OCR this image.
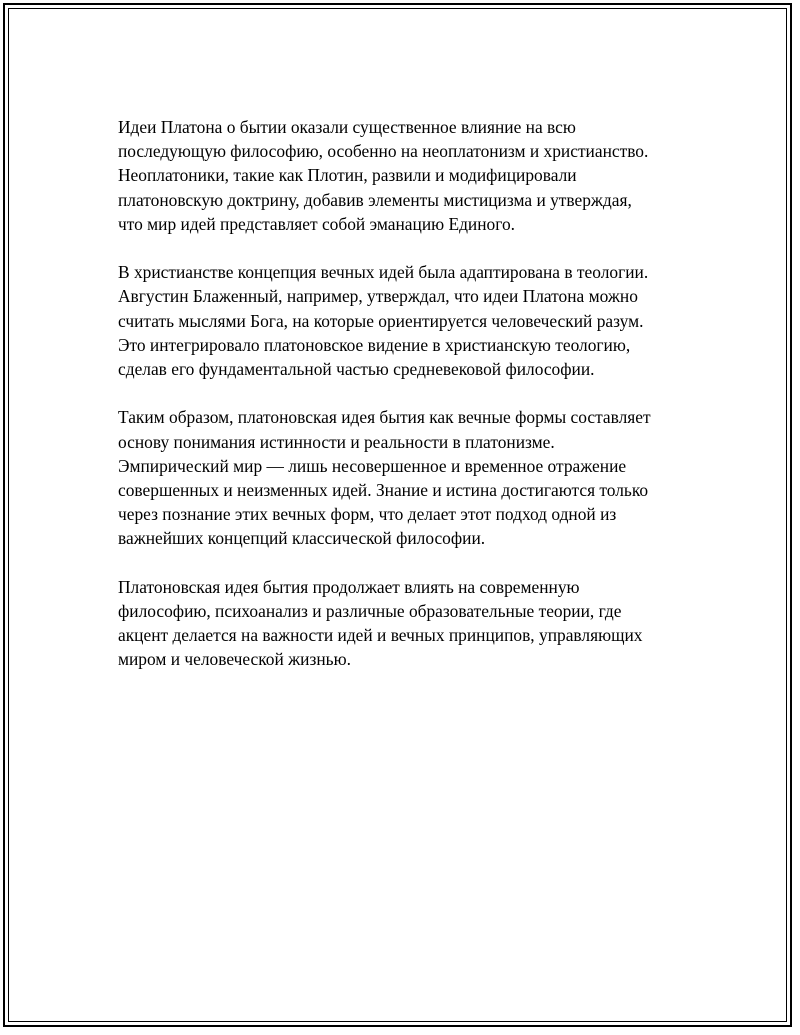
Идеи Платона о бытии оказали существенное влияние на всю
последующую философию, особенно на неоплатонизм и христианство.
Неоплатоники, такие как Плотин, развили и модифицировали
платоновскую доктрину, добавив элементы мистицизма и утверждая,
что мир идей представляет собой эманацию Единого.

В христианстве концепция вечных идей была адаптирована в теологии.
Августин Блаженный, например, утверждал, что идеи Платона можно
считать мыслями Бога, на которые ориентируется человеческий разум.
Это интегрировало платоновское видение в христианскую теологию,
сделав его фундаментальной частью средневековой философии.

Таким образом, платоновская идея бытия как вечные формы составляет
основу понимания истинности и реальности в платонизме.
Эмпирический мир — лишь несовершенное и временное отражение
совершенных и неизменных идей. Знание и истина достигаются только
через познание этих вечных форм, что делает этот подход одной из
важнейших концепций классической философии.

Платоновская идея бытия продолжает влиять на современную
философию, психоанализ и различные образовательные теории, где
акцент делается на важности идей и вечных принципов, управляющих
миром и человеческой жизнью.
